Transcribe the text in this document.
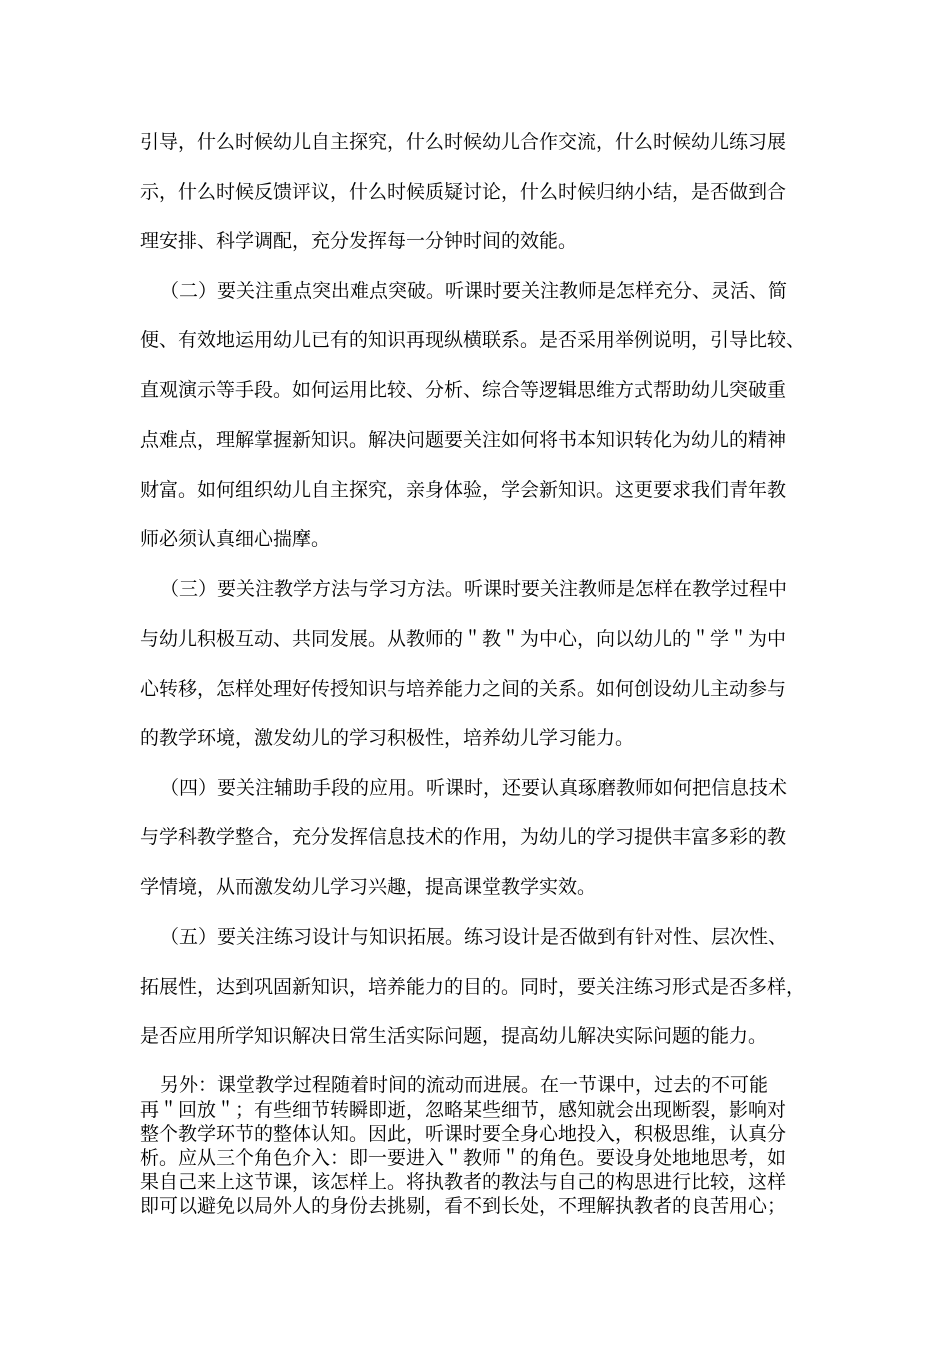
引导，什么时候幼儿自主探究，什么时候幼儿合作交流，什么时候幼儿练习展
示，什么时候反馈评议，什么时候质疑讨论，什么时候归纳小结，是否做到合
理安排、科学调配，充分发挥每一分钟时间的效能。
（二）要关注重点突出难点突破。听课时要关注教师是怎样充分、灵活、简
便、有效地运用幼儿已有的知识再现纵横联系。是否采用举例说明，引导比较、
直观演示等手段。如何运用比较、分析、综合等逻辑思维方式帮助幼儿突破重
点难点，理解掌握新知识。解决问题要关注如何将书本知识转化为幼儿的精神
财富。如何组织幼儿自主探究，亲身体验，学会新知识。这更要求我们青年教
师必须认真细心揣摩。
（三）要关注教学方法与学习方法。听课时要关注教师是怎样在教学过程中
与幼儿积极互动、共同发展。从教师的＂教＂为中心，向以幼儿的＂学＂为中
心转移，怎样处理好传授知识与培养能力之间的关系。如何创设幼儿主动参与
的教学环境，激发幼儿的学习积极性，培养幼儿学习能力。
（四）要关注辅助手段的应用。听课时，还要认真琢磨教师如何把信息技术
与学科教学整合，充分发挥信息技术的作用，为幼儿的学习提供丰富多彩的教
学情境，从而激发幼儿学习兴趣，提高课堂教学实效。
（五）要关注练习设计与知识拓展。练习设计是否做到有针对性、层次性、
拓展性，达到巩固新知识，培养能力的目的。同时，要关注练习形式是否多样，
是否应用所学知识解决日常生活实际问题，提高幼儿解决实际问题的能力。
另外：课堂教学过程随着时间的流动而进展。在一节课中，过去的不可能
再＂回放＂；有些细节转瞬即逝，忽略某些细节，感知就会出现断裂，影响对
整个教学环节的整体认知。因此，听课时要全身心地投入，积极思维，认真分
析。应从三个角色介入：即一要进入＂教师＂的角色。要设身处地地思考，如
果自己来上这节课，该怎样上。将执教者的教法与自己的构思进行比较，这样
即可以避免以局外人的身份去挑剔，看不到长处，不理解执教者的良苦用心；
